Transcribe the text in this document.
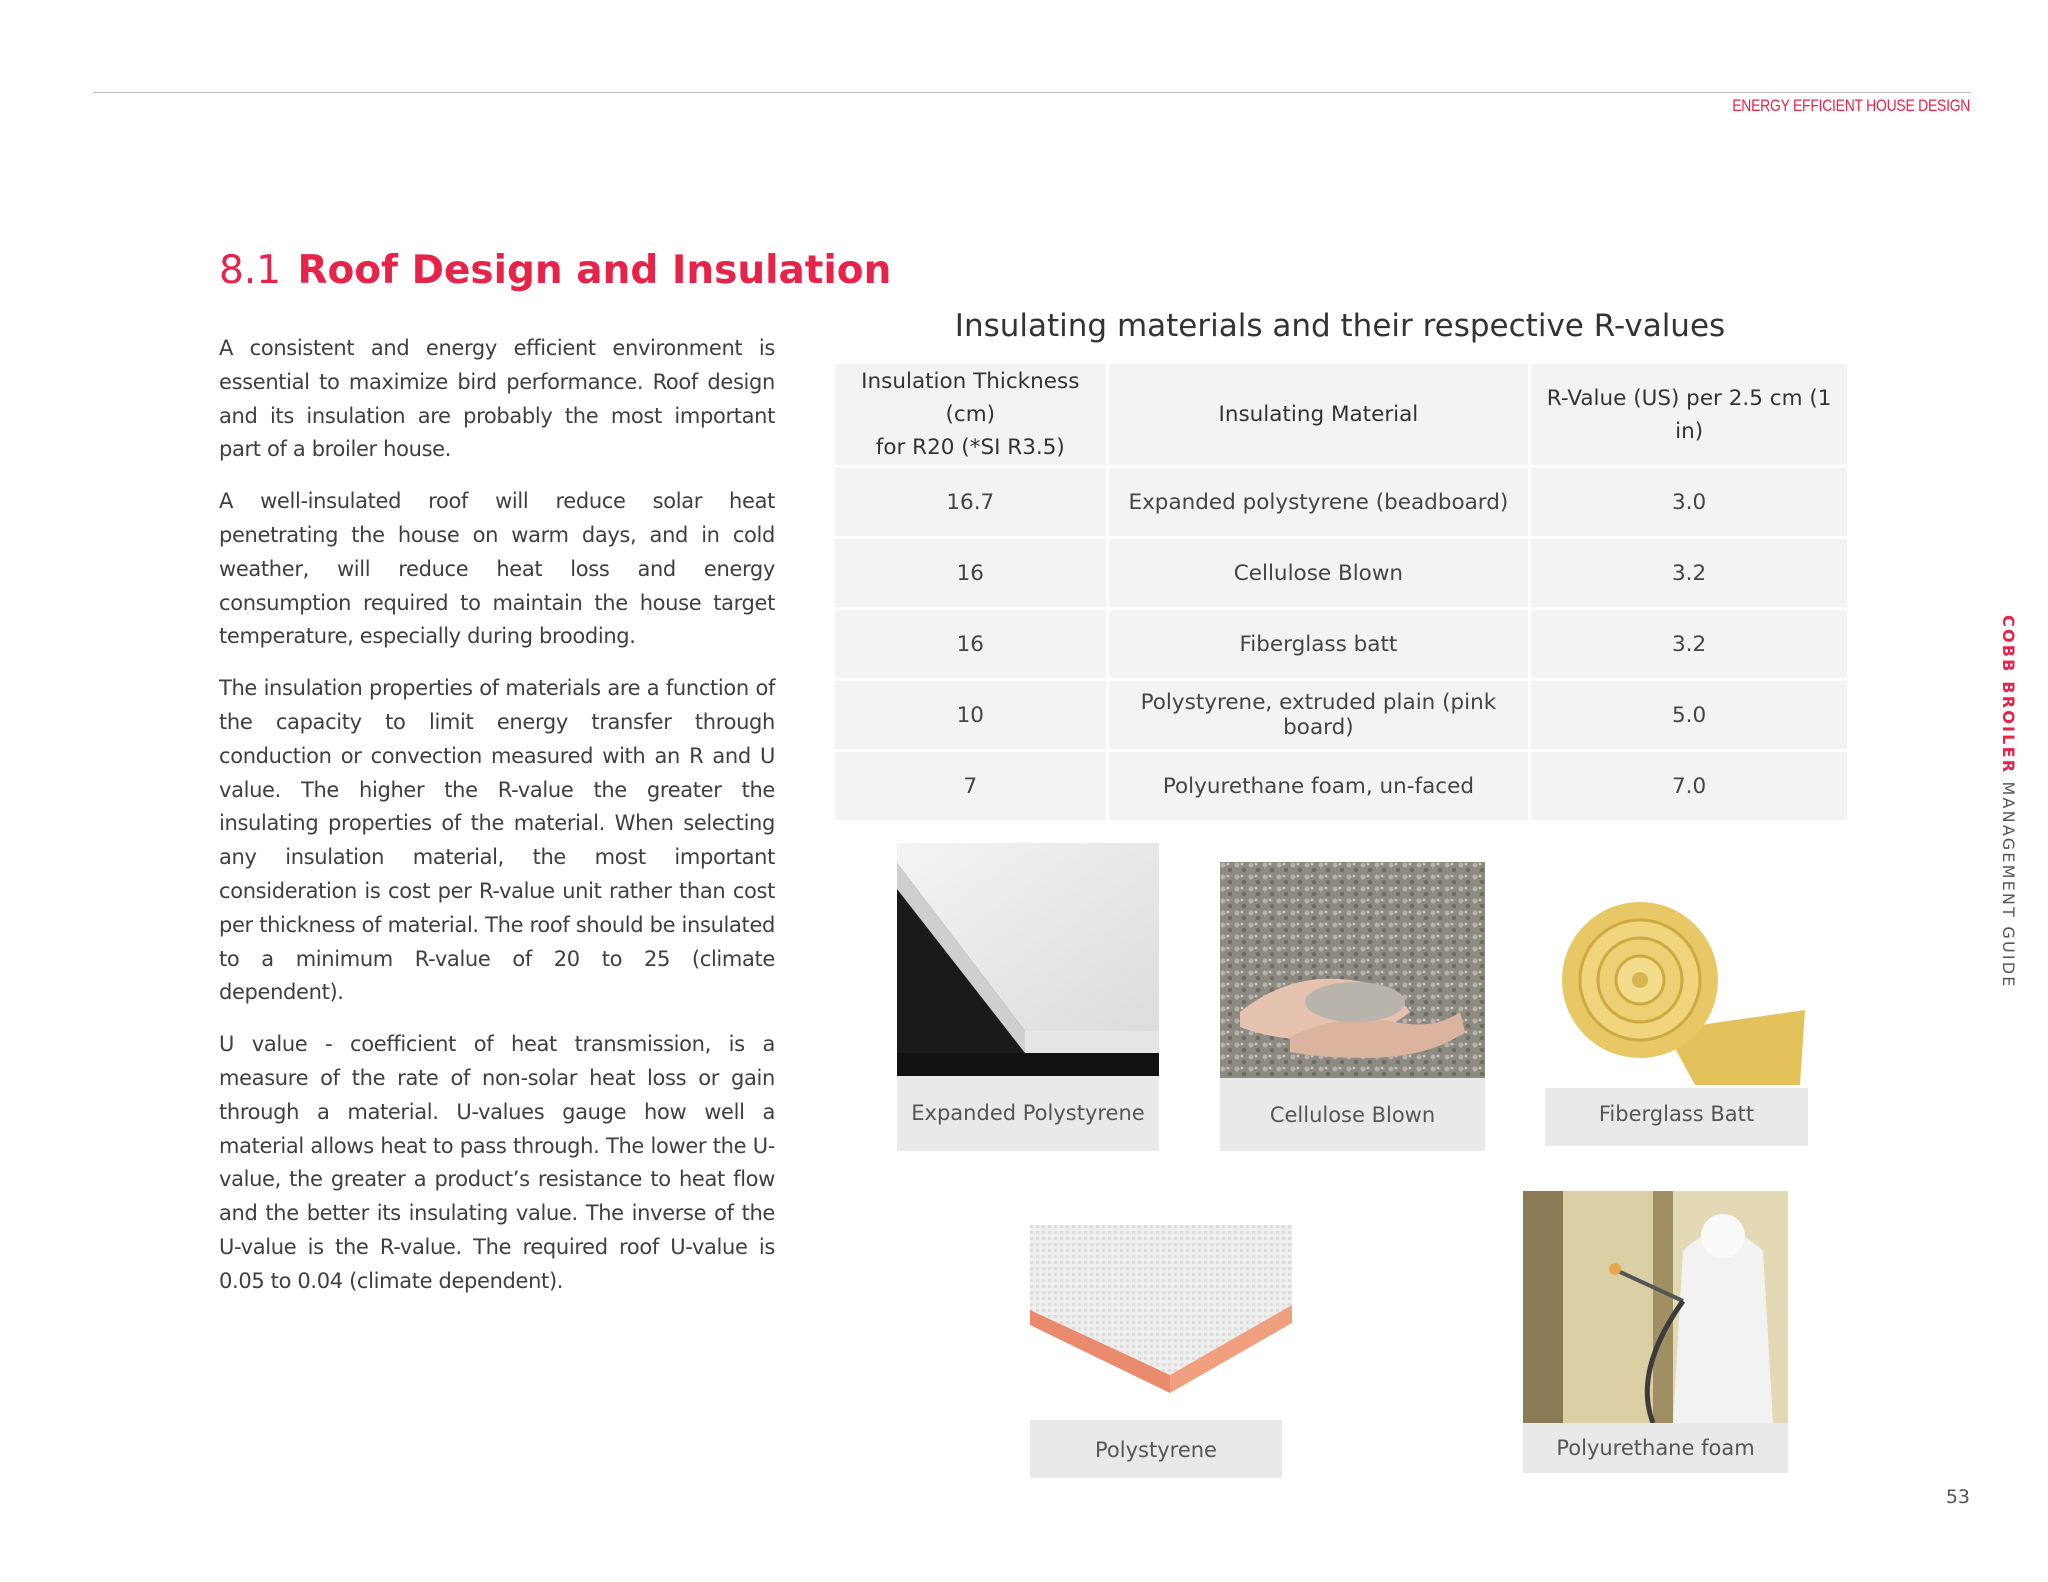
ENERGY EFFICIENT HOUSE DESIGN
COBB BROILER MANAGEMENT GUIDE
8.1 Roof Design and Insulation

A consistent and energy efficient environment is essential to maximize bird performance. Roof design and its insulation are probably the most important part of a broiler house.

A well-insulated roof will reduce solar heat penetrating the house on warm days, and in cold weather, will reduce heat loss and energy consumption required to maintain the house target temperature, especially during brooding.

The insulation properties of materials are a function of the capacity to limit energy transfer through conduction or convection measured with an R and U value. The higher the R-value the greater the insulating properties of the material. When selecting any insulation material, the most important consideration is cost per R-value unit rather than cost per thickness of material. The roof should be insulated to a minimum R-value of 20 to 25 (climate dependent).

U value - coefficient of heat transmission, is a measure of the rate of non-solar heat loss or gain through a material. U-values gauge how well a material allows heat to pass through. The lower the U-value, the greater a product’s resistance to heat flow and the better its insulating value. The inverse of the U-value is the R-value. The required roof U-value is 0.05 to 0.04 (climate dependent).

Insulating materials and their respective R-values
Insulation Thickness (cm)
for R20 (*SI R3.5)	Insulating Material	R-Value (US) per 2.5 cm (1 in)
16.7	Expanded polystyrene (beadboard)	3.0
16	Cellulose Blown	3.2
16	Fiberglass batt	3.2
10	Polystyrene, extruded plain (pink board)	5.0
7	Polyurethane foam, un-faced	7.0
Expanded Polystyrene	Cellulose Blown	Fiberglass Batt
Polystyrene	Polyurethane foam
53
